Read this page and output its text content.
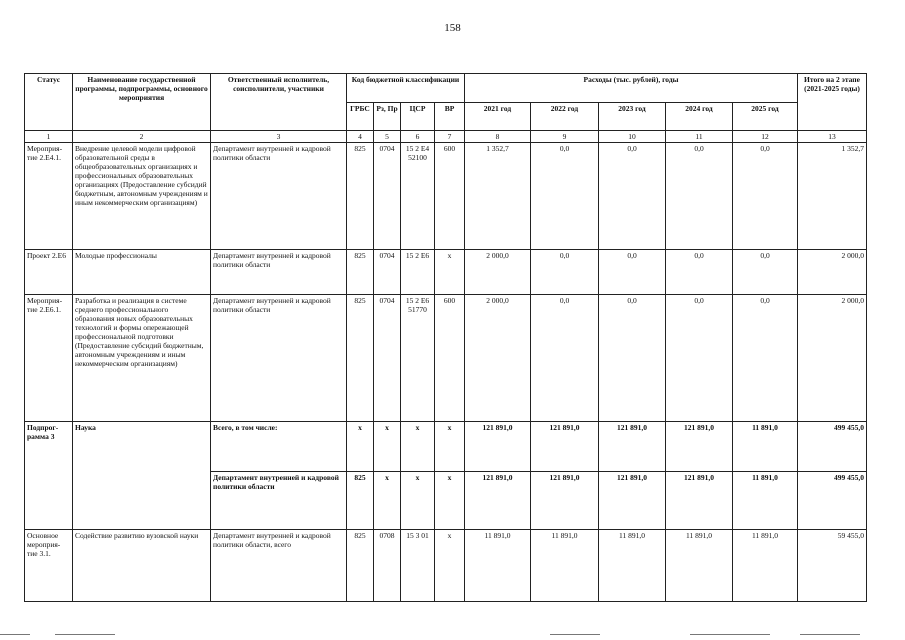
158
Статус	Наименование государственной программы, подпрограммы, основного мероприятия	Ответственный исполнитель, соисполнители, участники	Код бюджетной классификации				Расходы (тыс. рублей), годы					Итого на 2 этапе (2021-2025 годы)
			ГРБС	Рз, Пр	ЦСР	ВР	2021 год	2022 год	2023 год	2024 год	2025 год	
1	2	3	4	5	6	7	8	9	10	11	12	13
Мероприя-тие 2.Е4.1.	Внедрение целевой модели цифровой образовательной среды в общеобразовательных организациях и профессиональных образовательных организациях (Предоставление субсидий бюджетным, автономным учреждениям и иным некоммерческим организациям)	Департамент внутренней и кадровой политики области	825	0704	15 2 Е4 52100	600	1 352,7	0,0	0,0	0,0	0,0	1 352,7
Проект 2.Е6	Молодые профессионалы	Департамент внутренней и кадровой политики области	825	0704	15 2 Е6	х	2 000,0	0,0	0,0	0,0	0,0	2 000,0
Мероприя-тие 2.Е6.1.	Разработка и реализация в системе среднего профессионального образования новых образовательных технологий и формы опережающей профессиональной подготовки (Предоставление субсидий бюджетным, автономным учреждениям и иным некоммерческим организациям)	Департамент внутренней и кадровой политики области	825	0704	15 2 Е6 51770	600	2 000,0	0,0	0,0	0,0	0,0	2 000,0
Подпрог-рамма 3	Наука	Всего, в том числе:	х	х	х	х	121 891,0	121 891,0	121 891,0	121 891,0	11 891,0	499 455,0
		Департамент внутренней и кадровой политики области	825	х	х	х	121 891,0	121 891,0	121 891,0	121 891,0	11 891,0	499 455,0
Основное мероприя-тие 3.1.	Содействие развитию вузовской науки	Департамент внутренней и кадровой политики области, всего	825	0708	15 3 01	х	11 891,0	11 891,0	11 891,0	11 891,0	11 891,0	59 455,0
